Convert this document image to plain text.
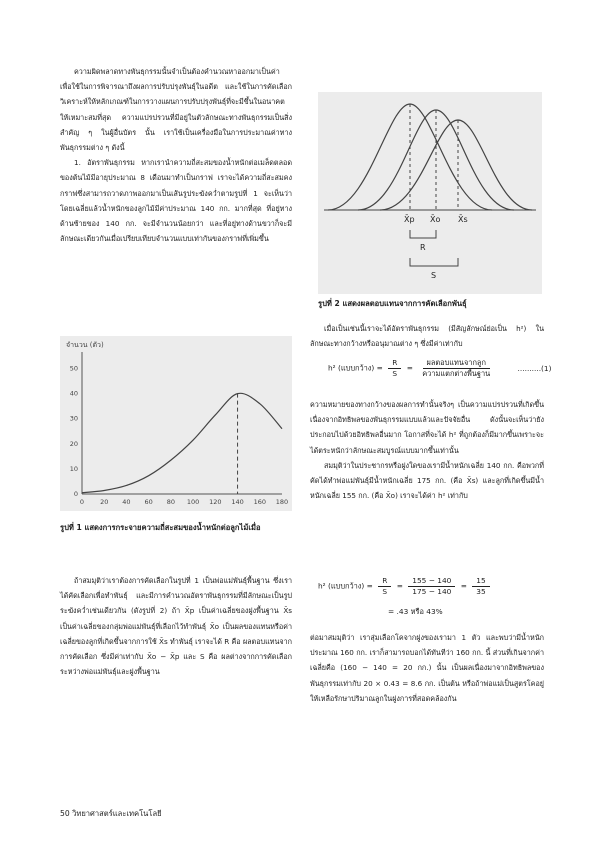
ความผิดพลาดทางพันธุกรรมนั้นจำเป็นต้องคำนวณหาออกมาเป็นค่า เพื่อใช้ในการพิจารณาถึงผลการปรับปรุงพันธุ์ในอดีต และใช้ในการคัดเลือกวิเคราะห์ให้หลักเกณฑ์ในการวางแผนการปรับปรุงพันธุ์ที่จะมีขึ้นในอนาคตให้เหมาะสมที่สุด ความแปรปรวนที่มีอยู่ในตัวลักษณะทางพันธุกรรมเป็นสิ่งสำคัญ ๆ ในผู้อื่นบัตร นั้น เราใช้เป็นเครื่องมือในการประมาณค่าทางพันธุกรรมต่าง ๆ ดังนี้

1. อัตราพันธุกรรม หากเรานำความถี่สะสมของน้ำหนักต่อเมล็ดตลอดของต้นไม้มีอายุประมาณ 8 เดือนมาทำเป็นกราฟ เราจะได้ความถี่สะสมคงกราฟซึ่งสามารถวาดภาพออกมาเป็นเส้นรูประฆังคว่ำตามรูปที่ 1 จะเห็นว่าโดยเฉลี่ยแล้วน้ำหนักของลูกไม้มีค่าประมาณ 140 กก. มากที่สุด ที่อยู่ทางด้านซ้ายของ 140 กก. จะมีจำนวนน้อยกว่า และที่อยู่ทางด้านขวาก็จะมีลักษณะเดียวกันเมื่อเปรียบเทียบจำนวนแบบเท่ากันของกราฟที่เพิ่มขึ้น

จำนวน (ตัว)
0 20 40 60 80 100 120 140 160 180
0
10
20
30
40
50
รูปที่ 1 แสดงการกระจายความถี่สะสมของน้ำหนักต่อลูกไม้เมื่อ

ถ้าสมมุติว่าเราต้องการคัดเลือกในรูปที่ 1 เป็นพ่อแม่พันธุ์พื้นฐาน ซึ่งเราได้คัดเลือกเพื่อทำพันธุ์ และมีการคำนวณอัตราพันธุกรรมที่มีลักษณะเป็นรูประฆังคว่ำเช่นเดียวกัน (ดังรูปที่ 2) ถ้า X̄p เป็นค่าเฉลี่ยของฝูงพื้นฐาน X̄s เป็นค่าเฉลี่ยของกลุ่มพ่อแม่พันธุ์ที่เลือกไว้ทำพันธุ์ X̄o เป็นผลของแทนหรือค่าเฉลี่ยของลูกที่เกิดขึ้นจากการใช้ X̄s ทำพันธุ์ เราจะได้ R คือ ผลตอบแทนจากการคัดเลือก ซึ่งมีค่าเท่ากับ X̄o − X̄p และ S คือ ผลต่างจากการคัดเลือกระหว่างพ่อแม่พันธุ์และฝูงพื้นฐาน

X̄p X̄o X̄s
R
S
รูปที่ 2 แสดงผลตอบแทนจากการคัดเลือกพันธุ์

เมื่อเป็นเช่นนี้เราจะได้อัตราพันธุกรรม (มีสัญลักษณ์ย่อเป็น h²) ในลักษณะทางกว้างหรืออนุมาณต่าง ๆ ซึ่งมีค่าเท่ากับ

h² (แบบกว้าง) = $\frac{R}{S} = \frac{\text{ผลตอบแทนจากลูก}}{\text{ความแตกต่างพื้นฐาน}}$	..........(1)

ความหมายของทางกว้างของผลการทำนั้นจริงๆ เป็นความแปรปรวนที่เกิดขึ้น เนื่องจากอิทธิพลของพันธุกรรมแบบแล้วและปัจจัยอื่น ดังนั้นจะเห็นว่ายังประกอบไปด้วยอิทธิพลอื่นมาก โอกาสที่จะได้ h² ที่ถูกต้องก็มีมากขึ้นเพราะจะได้ตระหนักว่าลักษณะสมบูรณ์แบบมากขึ้นเท่านั้น

สมมุติว่าในประชากรหรือฝูงใดของเรามีน้ำหนักเฉลี่ย 140 กก. คือพวกที่คัดได้ทำพ่อแม่พันธุ์มีน้ำหนักเฉลี่ย 175 กก. (คือ X̄s) และลูกที่เกิดขึ้นมีน้ำหนักเฉลี่ย 155 กก. (คือ X̄o) เราจะได้ค่า h² เท่ากับ

h² (แบบกว้าง) = $\frac{R}{S} = \frac{155 - 140}{175 - 140} = \frac{15}{35}$
= .43 หรือ 43%

ต่อมาสมมุติว่า เราสุ่มเลือกโคจากฝูงของเรามา 1 ตัว และพบว่ามีน้ำหนักประมาณ 160 กก. เราก็สามารถบอกได้ทันทีว่า 160 กก. นี้ ส่วนที่เกินจากค่าเฉลี่ยคือ (160 − 140 = 20 กก.) นั้น เป็นผลเนื่องมาจากอิทธิพลของพันธุกรรมเท่ากับ 20 × 0.43 = 8.6 กก. เป็นต้น หรือถ้าพ่อแม่เป็นสูตรโคอยู่ให้เหลือรักษาปริมาณลูกในฝูงการที่สอดคล้องกัน

50 วิทยาศาสตร์และเทคโนโลยี
